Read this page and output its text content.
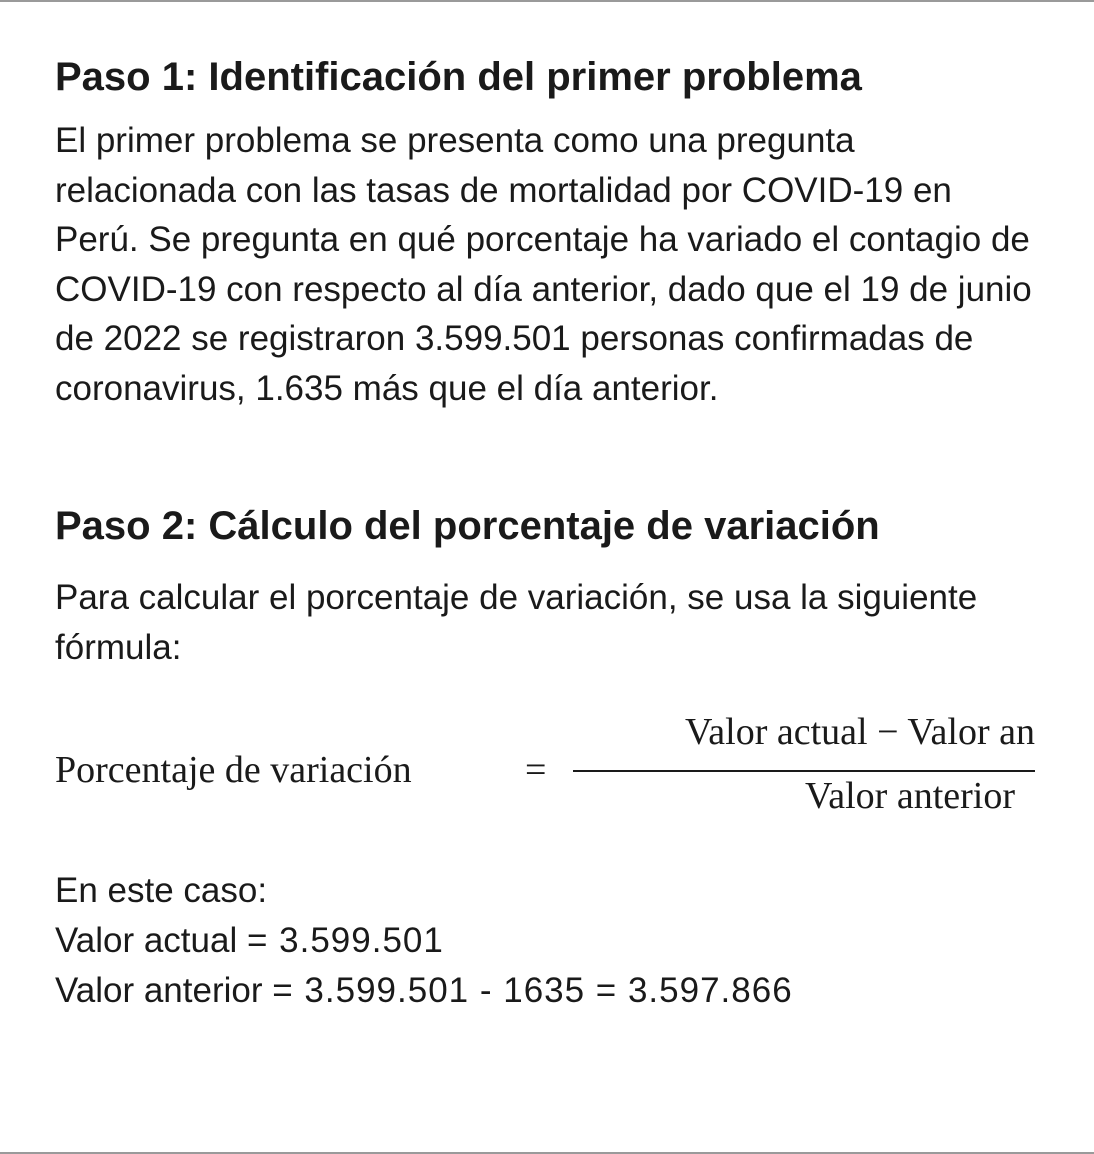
Paso 1: Identificación del primer problema

El primer problema se presenta como una pregunta relacionada con las tasas de mortalidad por COVID-19 en Perú. Se pregunta en qué porcentaje ha variado el contagio de COVID-19 con respecto al día anterior, dado que el 19 de junio de 2022 se registraron 3.599.501 personas confirmadas de coronavirus, 1.635 más que el día anterior.

Paso 2: Cálculo del porcentaje de variación

Para calcular el porcentaje de variación, se usa la siguiente fórmula:

Porcentaje de variación	=
Valor actual − Valor an
Valor anterior
En este caso:
Valor actual = 3.599.501
Valor anterior = 3.599.501 - 1635 = 3.597.866
